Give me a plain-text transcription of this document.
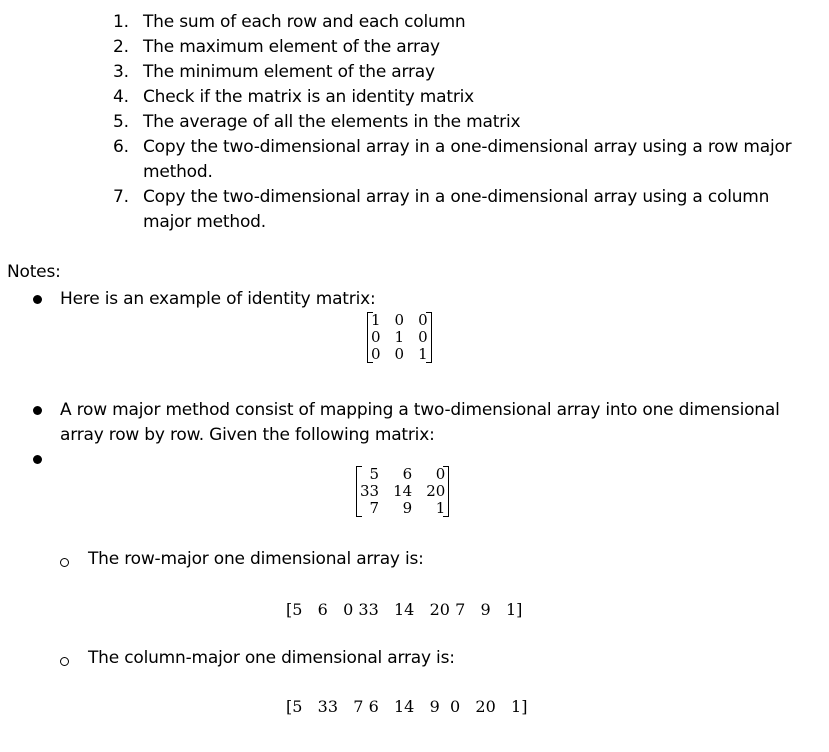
1. The sum of each row and each column
2. The maximum element of the array
3. The minimum element of the array
4. Check if the matrix is an identity matrix
5. The average of all the elements in the matrix
6. Copy the two-dimensional array in a one-dimensional array using a row major method.
7. Copy the two-dimensional array in a one-dimensional array using a column major method.
Notes:
Here is an example of identity matrix:
1	0	0
0	1	0
0	0	1
A row major method consist of mapping a two-dimensional array into one dimensional array row by row. Given the following matrix:
5	6	0
33	14	20
7	9	1
The row-major one dimensional array is:
[5   6   0 33   14   20 7   9   1]
The column-major one dimensional array is:
[5   33   7 6   14   9  0   20   1]
